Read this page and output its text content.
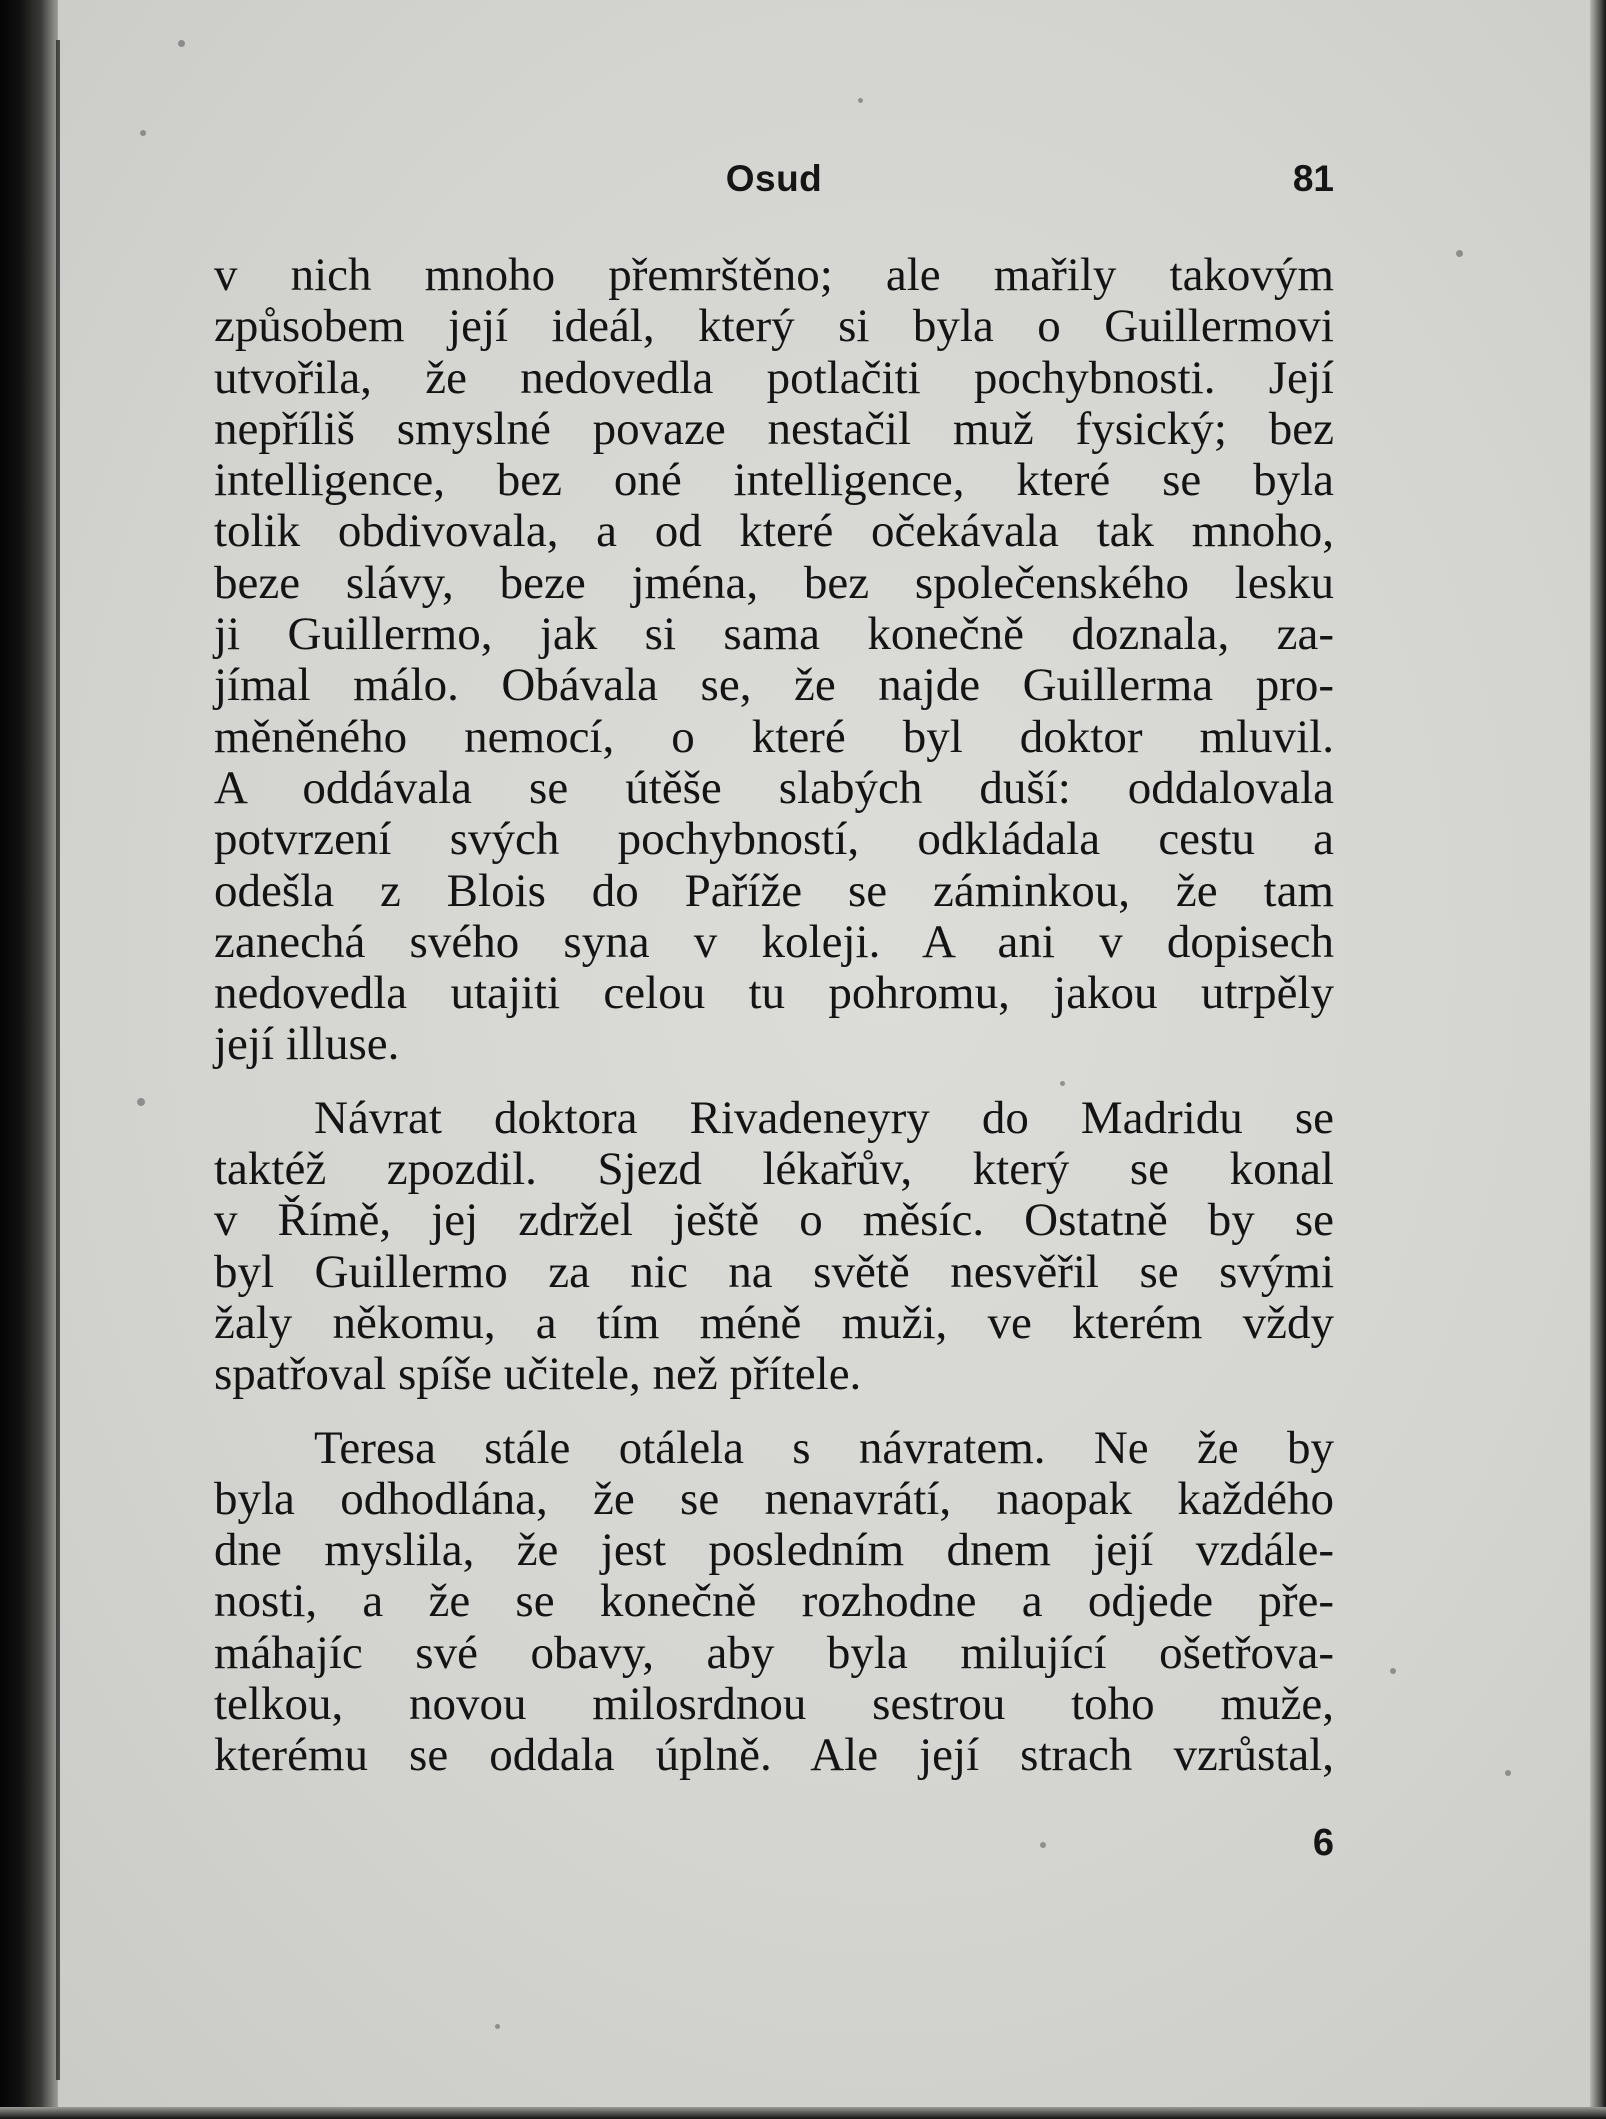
Osud	81

v nich mnoho přemrštěno; ale mařily takovým
způsobem její ideál, který si byla o Guillermovi
utvořila, že nedovedla potlačiti pochybnosti. Její
nepříliš smyslné povaze nestačil muž fysický; bez
intelligence, bez oné intelligence, které se byla
tolik obdivovala, a od které očekávala tak mnoho,
beze slávy, beze jména, bez společenského lesku
ji Guillermo, jak si sama konečně doznala, za-
jímal málo. Obávala se, že najde Guillerma pro-
měněného nemocí, o které byl doktor mluvil.
A oddávala se útěše slabých duší: oddalovala
potvrzení svých pochybností, odkládala cestu a
odešla z Blois do Paříže se záminkou, že tam
zanechá svého syna v koleji. A ani v dopisech
nedovedla utajiti celou tu pohromu, jakou utrpěly
její illuse.

Návrat doktora Rivadeneyry do Madridu se
taktéž zpozdil. Sjezd lékařův, který se konal
v Římě, jej zdržel ještě o měsíc. Ostatně by se
byl Guillermo za nic na světě nesvěřil se svými
žaly někomu, a tím méně muži, ve kterém vždy
spatřoval spíše učitele, než přítele.

Teresa stále otálela s návratem. Ne že by
byla odhodlána, že se nenavrátí, naopak každého
dne myslila, že jest posledním dnem její vzdále-
nosti, a že se konečně rozhodne a odjede pře-
máhajíc své obavy, aby byla milující ošetřova-
telkou, novou milosrdnou sestrou toho muže,
kterému se oddala úplně. Ale její strach vzrůstal,

6
